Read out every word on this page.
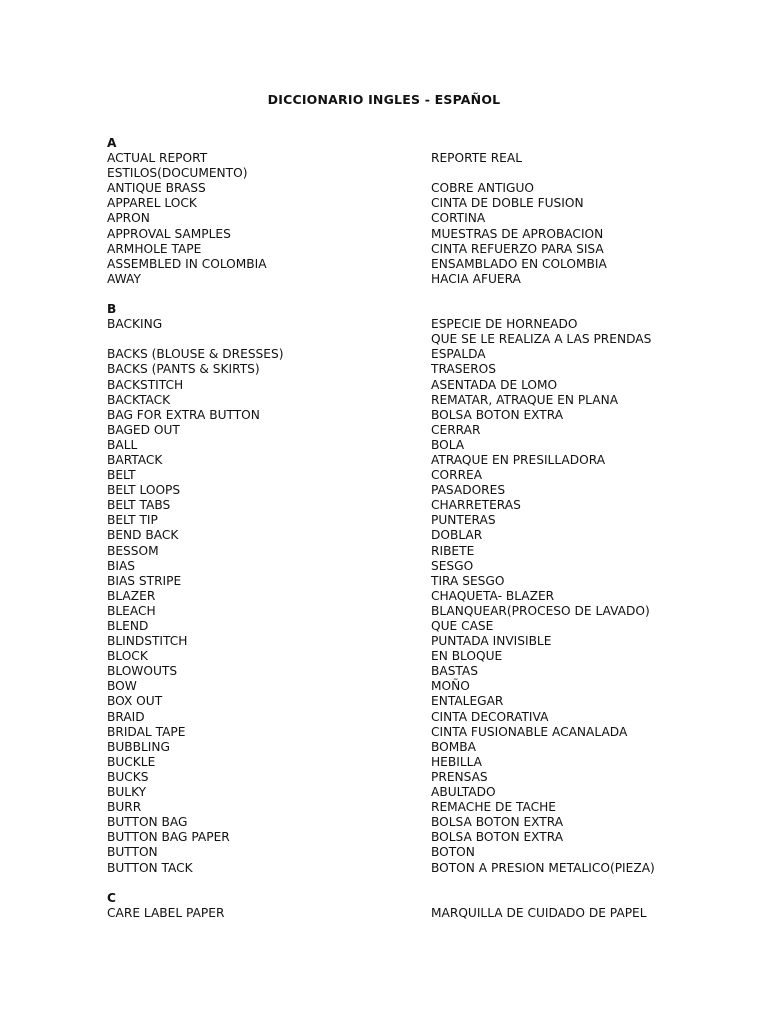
DICCIONARIO INGLES - ESPAÑOL
A
ACTUAL REPORT	REPORTE REAL
ESTILOS(DOCUMENTO)
ANTIQUE BRASS	COBRE ANTIGUO
APPAREL LOCK	CINTA DE DOBLE FUSION
APRON	CORTINA
APPROVAL SAMPLES	MUESTRAS DE APROBACION
ARMHOLE TAPE	CINTA REFUERZO PARA SISA
ASSEMBLED IN COLOMBIA	ENSAMBLADO EN COLOMBIA
AWAY	HACIA AFUERA
B
BACKING	ESPECIE DE HORNEADO
QUE SE LE REALIZA A LAS PRENDAS
BACKS (BLOUSE & DRESSES)	ESPALDA
BACKS (PANTS & SKIRTS)	TRASEROS
BACKSTITCH	ASENTADA DE LOMO
BACKTACK	REMATAR, ATRAQUE EN PLANA
BAG FOR EXTRA BUTTON	BOLSA BOTON EXTRA
BAGED OUT	CERRAR
BALL	BOLA
BARTACK	ATRAQUE EN PRESILLADORA
BELT	CORREA
BELT LOOPS	PASADORES
BELT TABS	CHARRETERAS
BELT TIP	PUNTERAS
BEND BACK	DOBLAR
BESSOM	RIBETE
BIAS	SESGO
BIAS STRIPE	TIRA SESGO
BLAZER	CHAQUETA- BLAZER
BLEACH	BLANQUEAR(PROCESO DE LAVADO)
BLEND	QUE CASE
BLINDSTITCH	PUNTADA INVISIBLE
BLOCK	EN BLOQUE
BLOWOUTS	BASTAS
BOW	MOÑO
BOX OUT	ENTALEGAR
BRAID	CINTA DECORATIVA
BRIDAL TAPE	CINTA FUSIONABLE ACANALADA
BUBBLING	BOMBA
BUCKLE	HEBILLA
BUCKS	PRENSAS
BULKY	ABULTADO
BURR	REMACHE DE TACHE
BUTTON BAG	BOLSA BOTON EXTRA
BUTTON BAG PAPER	BOLSA BOTON EXTRA
BUTTON	BOTON
BUTTON TACK	BOTON A PRESION METALICO(PIEZA)
C
CARE LABEL PAPER	MARQUILLA DE CUIDADO DE PAPEL
